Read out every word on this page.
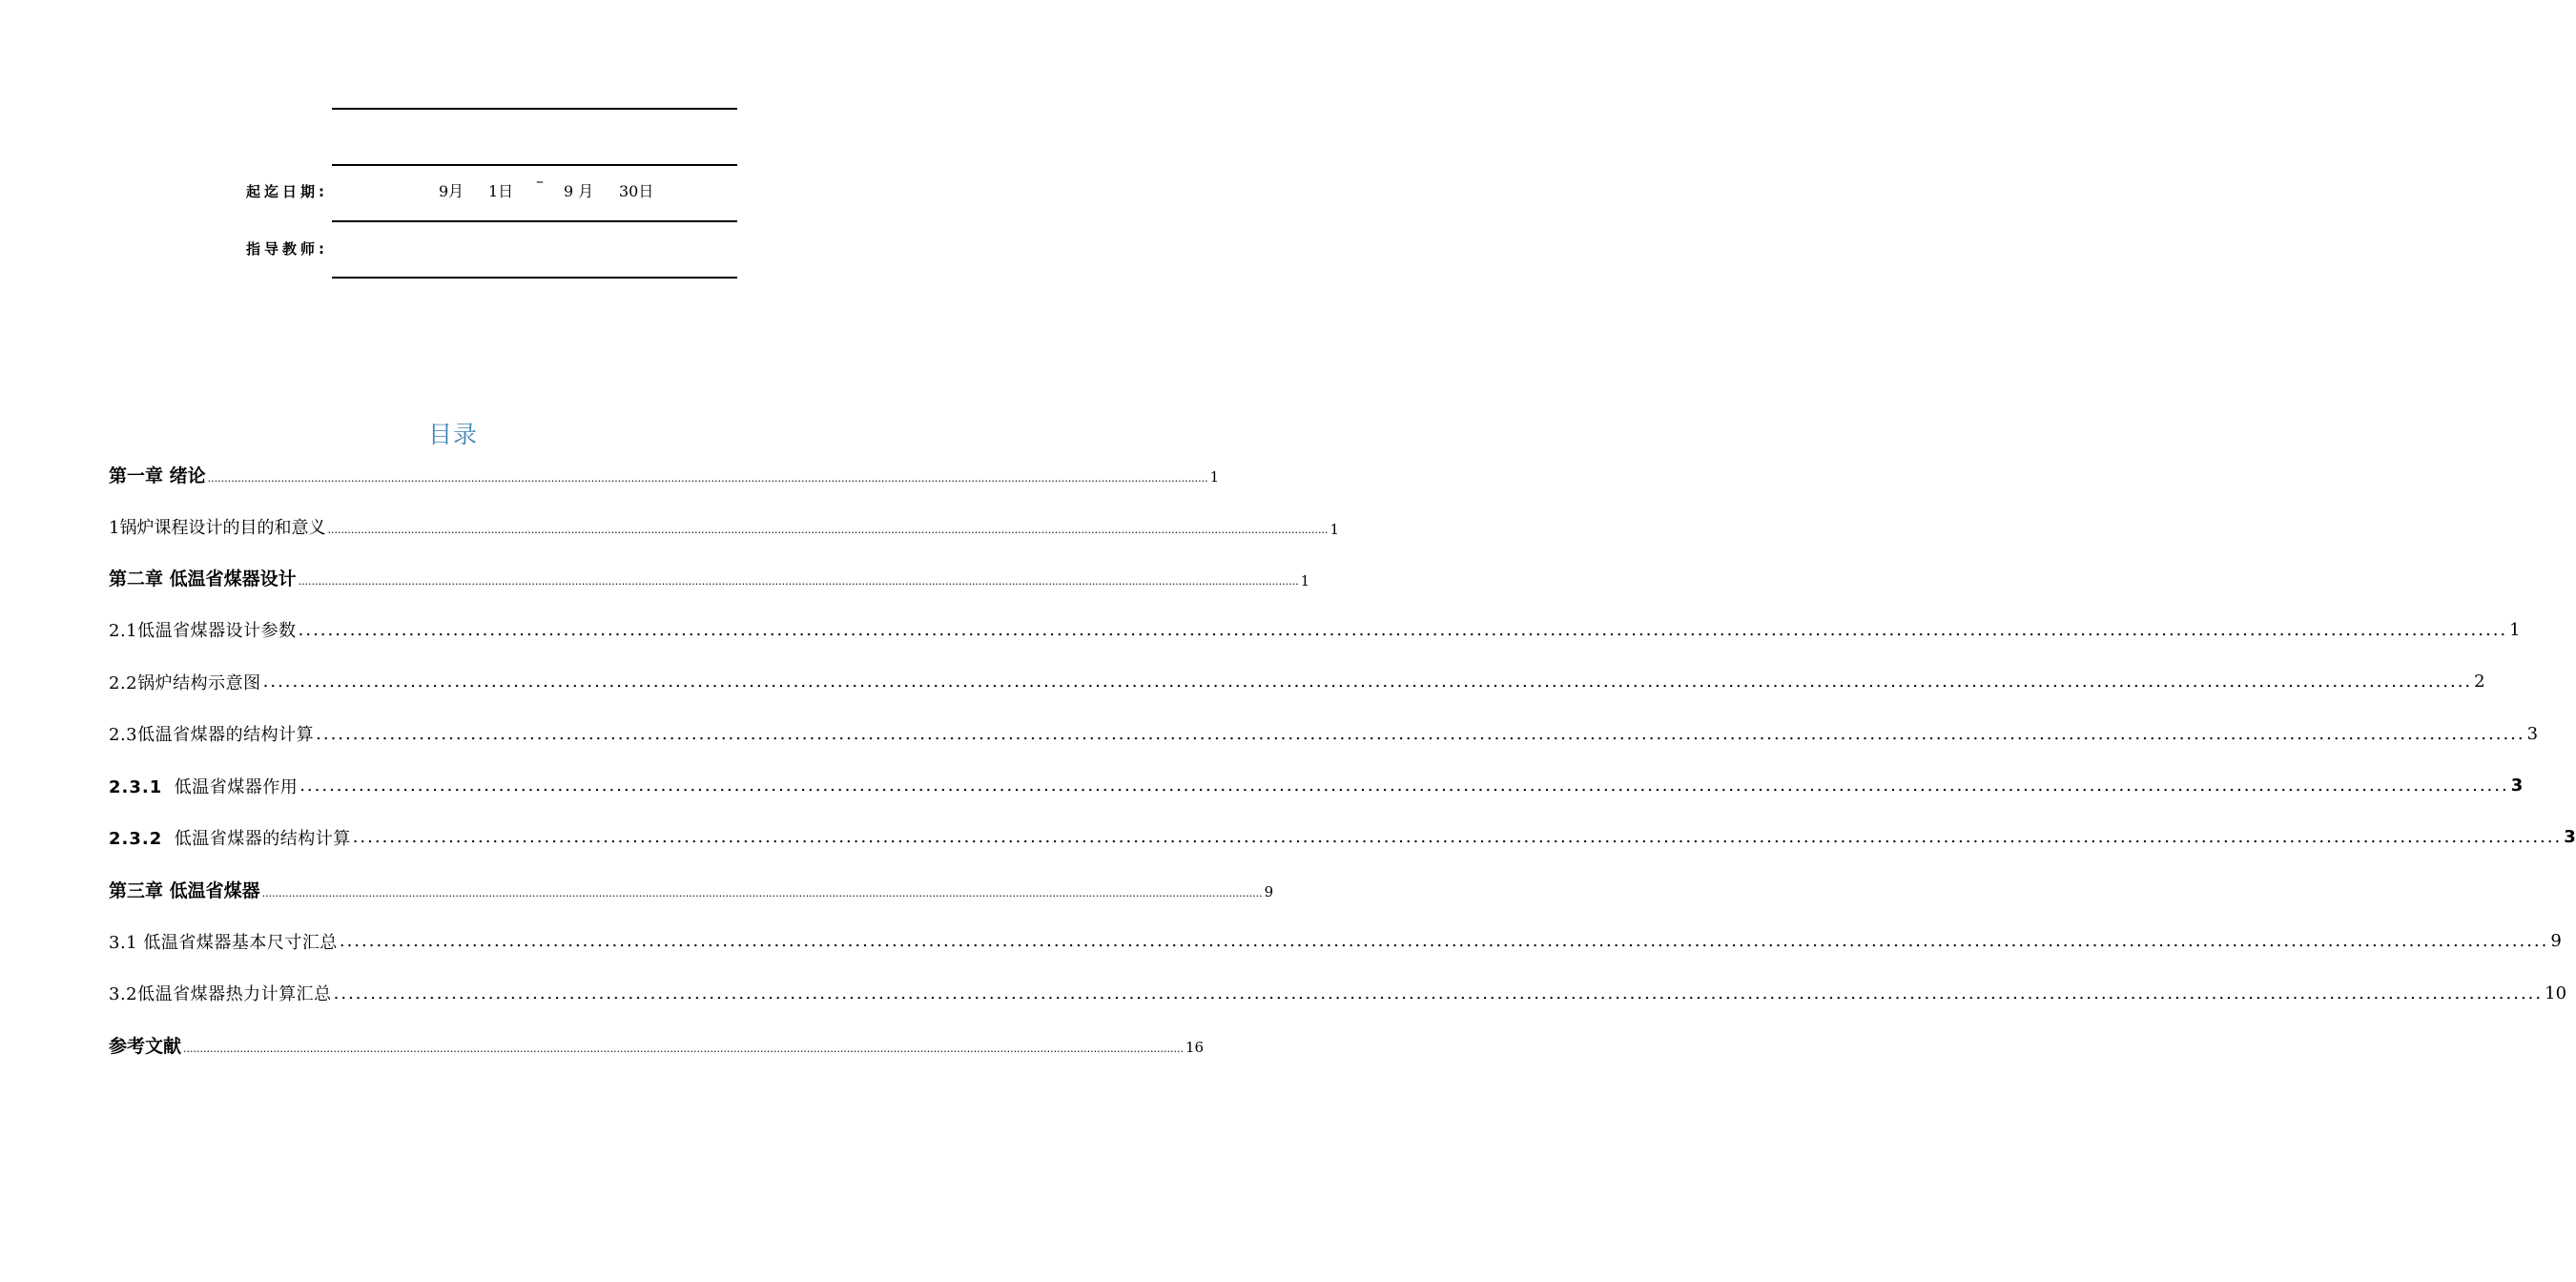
起迄日期:
指导教师:
9月 1日
–
9 月 30日
目录
第一章 绪论 ............................................................................................................................................................................................................................................................................................................ 1
1锅炉课程设计的目的和意义 ............................................................................................................................................................................................................................................................................................................ 1
第二章 低温省煤器设计 ............................................................................................................................................................................................................................................................................................................ 1
2.1低温省煤器设计参数 ............................................................................................................................................................................................................................................................................................................ 1
2.2锅炉结构示意图 ............................................................................................................................................................................................................................................................................................................ 2
2.3低温省煤器的结构计算 ............................................................................................................................................................................................................................................................................................................ 3
2.3.1 低温省煤器作用 ............................................................................................................................................................................................................................................................................................................ 3
2.3.2 低温省煤器的结构计算 ............................................................................................................................................................................................................................................................................................................ 3
第三章 低温省煤器 ............................................................................................................................................................................................................................................................................................................ 9
3.1 低温省煤器基本尺寸汇总 ............................................................................................................................................................................................................................................................................................................ 9
3.2低温省煤器热力计算汇总 ............................................................................................................................................................................................................................................................................................................ 10
参考文献 ............................................................................................................................................................................................................................................................................................................ 16
